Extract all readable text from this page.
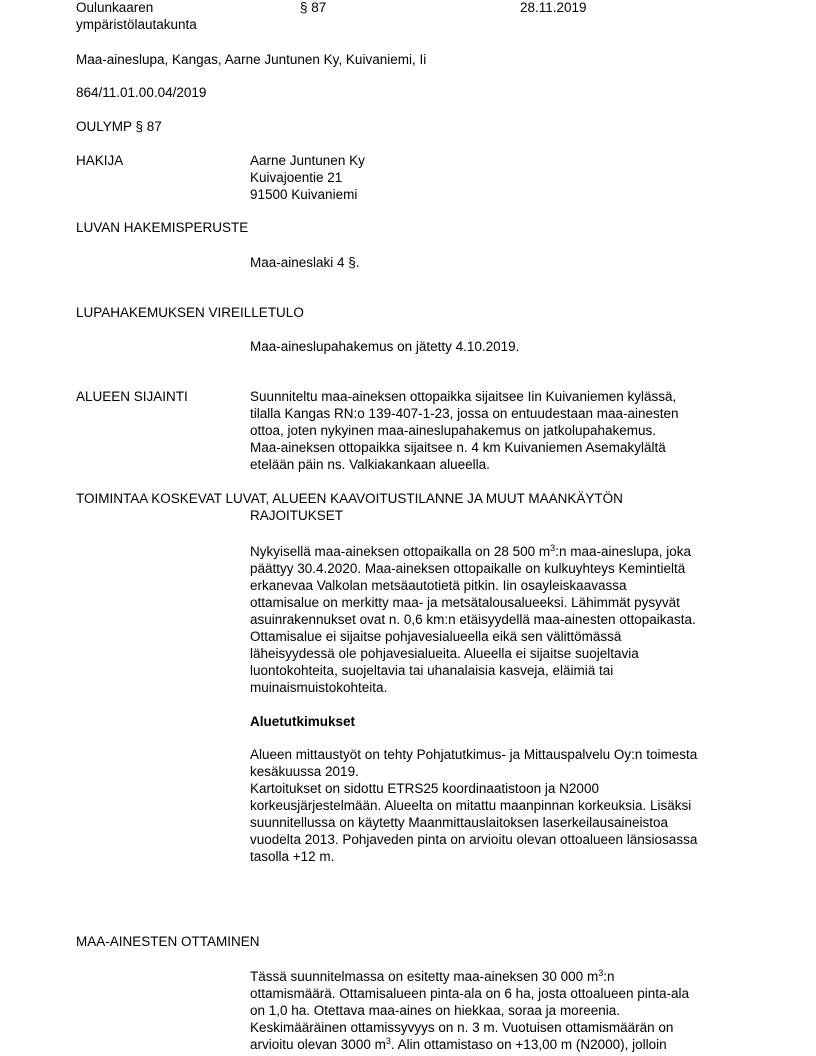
Oulunkaaren
ympäristölautakunta
§ 87	28.11.2019
Maa-aineslupa, Kangas, Aarne Juntunen Ky, Kuivaniemi, Ii
864/11.01.00.04/2019
OULYMP § 87
HAKIJA	Aarne Juntunen Ky
Kuivajoentie 21
91500 Kuivaniemi
LUVAN HAKEMISPERUSTE
Maa-aineslaki 4 §.
LUPAHAKEMUKSEN VIREILLETULO
Maa-aineslupahakemus on jätetty 4.10.2019.
ALUEEN SIJAINTI	Suunniteltu maa-aineksen ottopaikka sijaitsee Iin Kuivaniemen kylässä,
tilalla Kangas RN:o 139-407-1-23, jossa on entuudestaan maa-ainesten
ottoa, joten nykyinen maa-aineslupahakemus on jatkolupahakemus.
Maa-aineksen ottopaikka sijaitsee n. 4 km Kuivaniemen Asemakylältä
etelään päin ns. Valkiakankaan alueella.
TOIMINTAA KOSKEVAT LUVAT, ALUEEN KAAVOITUSTILANNE JA MUUT MAANKÄYTÖN
RAJOITUKSET
Nykyisellä maa-aineksen ottopaikalla on 28 500 $m^3:n$ maa-aineslupa, joka
päättyy 30.4.2020. Maa-aineksen ottopaikalle on kulkuyhteys Kemintieltä
erkanevaa Valkolan metsäautotietä pitkin. Iin osayleiskaavassa
ottamisalue on merkitty maa- ja metsätalousalueeksi. Lähimmät pysyvät
asuinrakennukset ovat n. 0,6 km:n etäisyydellä maa-ainesten ottopaikasta.
Ottamisalue ei sijaitse pohjavesialueella eikä sen välittömässä
läheisyydessä ole pohjavesialueita. Alueella ei sijaitse suojeltavia
luontokohteita, suojeltavia tai uhanalaisia kasveja, eläimiä tai
muinaismuistokohteita.
Aluetutkimukset
Alueen mittaustyöt on tehty Pohjatutkimus- ja Mittauspalvelu Oy:n toimesta
kesäkuussa 2019.
Kartoitukset on sidottu ETRS25 koordinaatistoon ja N2000
korkeusjärjestelmään. Alueelta on mitattu maanpinnan korkeuksia. Lisäksi
suunnitellussa on käytetty Maanmittauslaitoksen laserkeilausaineistoa
vuodelta 2013. Pohjaveden pinta on arvioitu olevan ottoalueen länsiosassa
tasolla +12 m.
MAA-AINESTEN OTTAMINEN
Tässä suunnitelmassa on esitetty maa-aineksen 30 000 $m^3:n$
ottamismäärä. Ottamisalueen pinta-ala on 6 ha, josta ottoalueen pinta-ala
on 1,0 ha. Otettava maa-aines on hiekkaa, soraa ja moreenia.
Keskimääräinen ottamissyvyys on n. 3 m. Vuotuisen ottamismäärän on
arvioitu olevan 3000 $m^3$. Alin ottamistaso on +13,00 m (N2000), jolloin
